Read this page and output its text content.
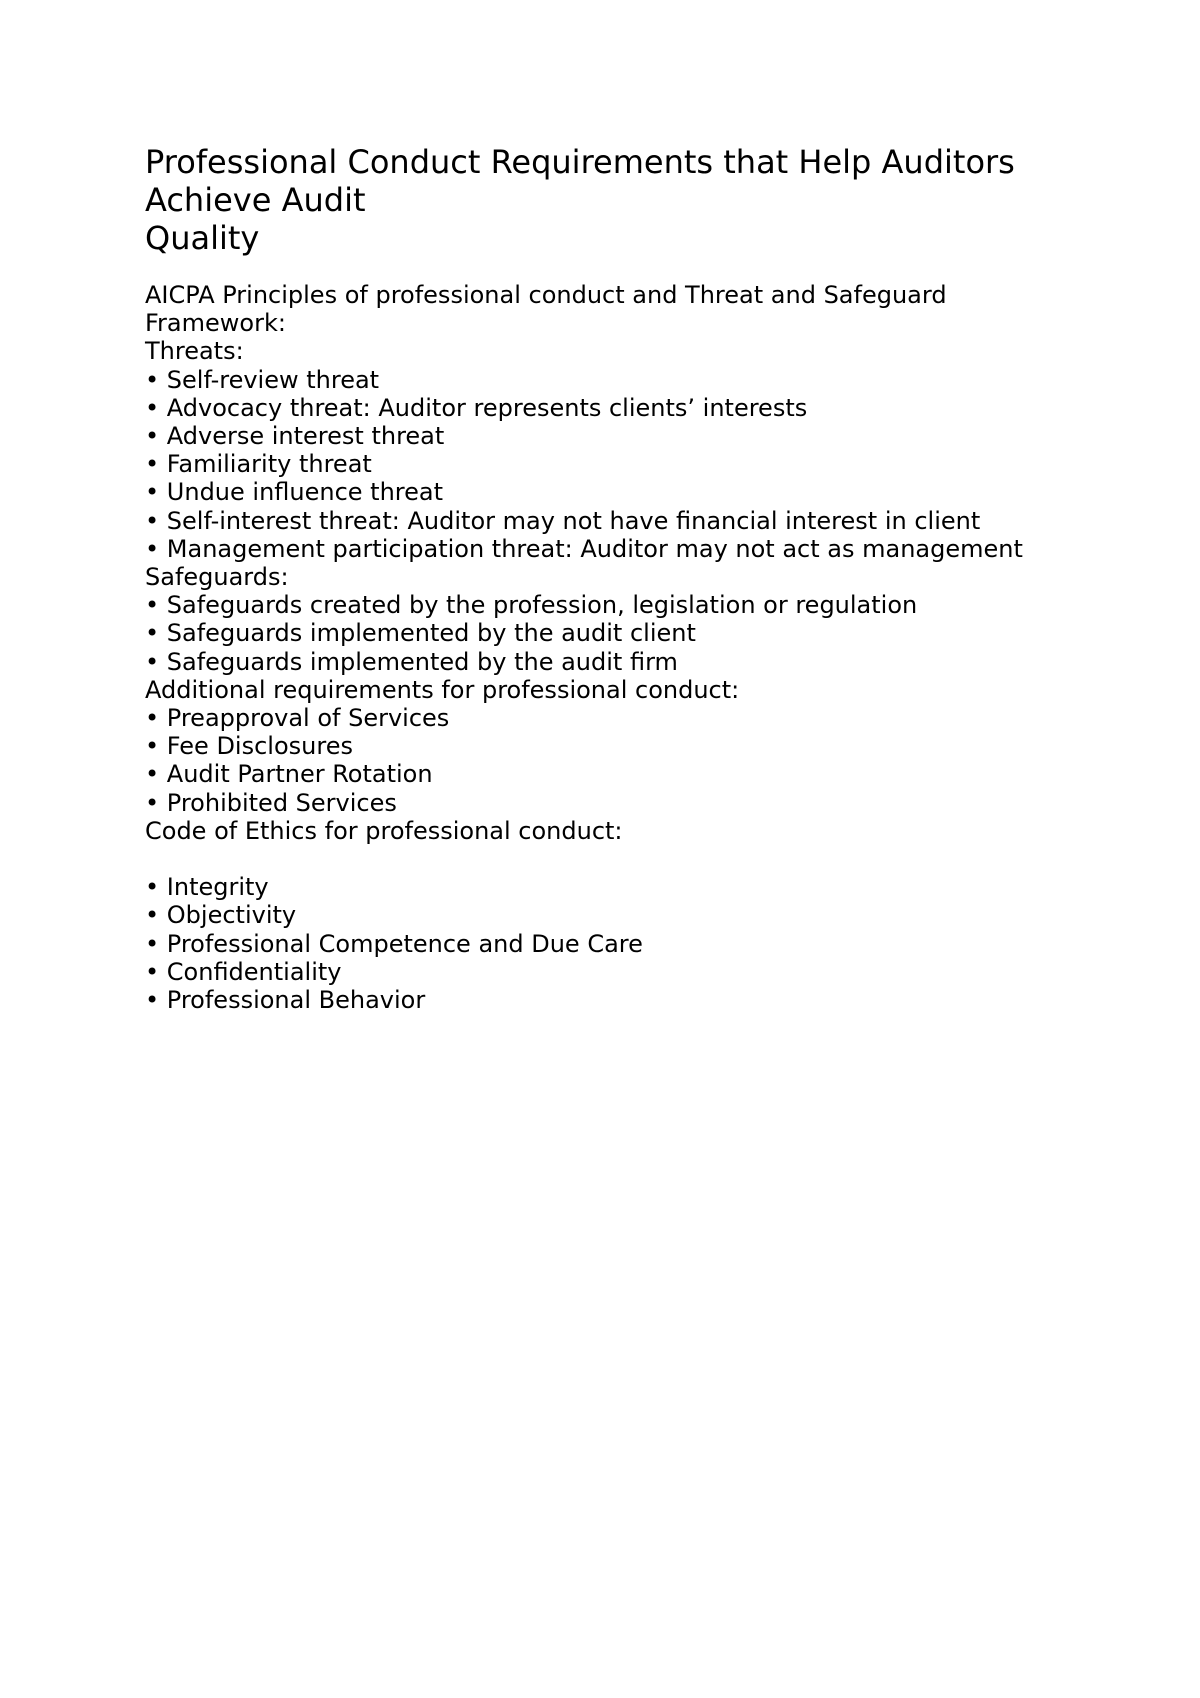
Professional Conduct Requirements that Help Auditors
Achieve Audit
Quality
AICPA Principles of professional conduct and Threat and Safeguard
Framework:
Threats:
• Self-review threat
• Advocacy threat: Auditor represents clients’ interests
• Adverse interest threat
• Familiarity threat
• Undue influence threat
• Self-interest threat: Auditor may not have financial interest in client
• Management participation threat: Auditor may not act as management
Safeguards:
• Safeguards created by the profession, legislation or regulation
• Safeguards implemented by the audit client
• Safeguards implemented by the audit firm
Additional requirements for professional conduct:
• Preapproval of Services
• Fee Disclosures
• Audit Partner Rotation
• Prohibited Services
Code of Ethics for professional conduct:
• Integrity
• Objectivity
• Professional Competence and Due Care
• Confidentiality
• Professional Behavior
